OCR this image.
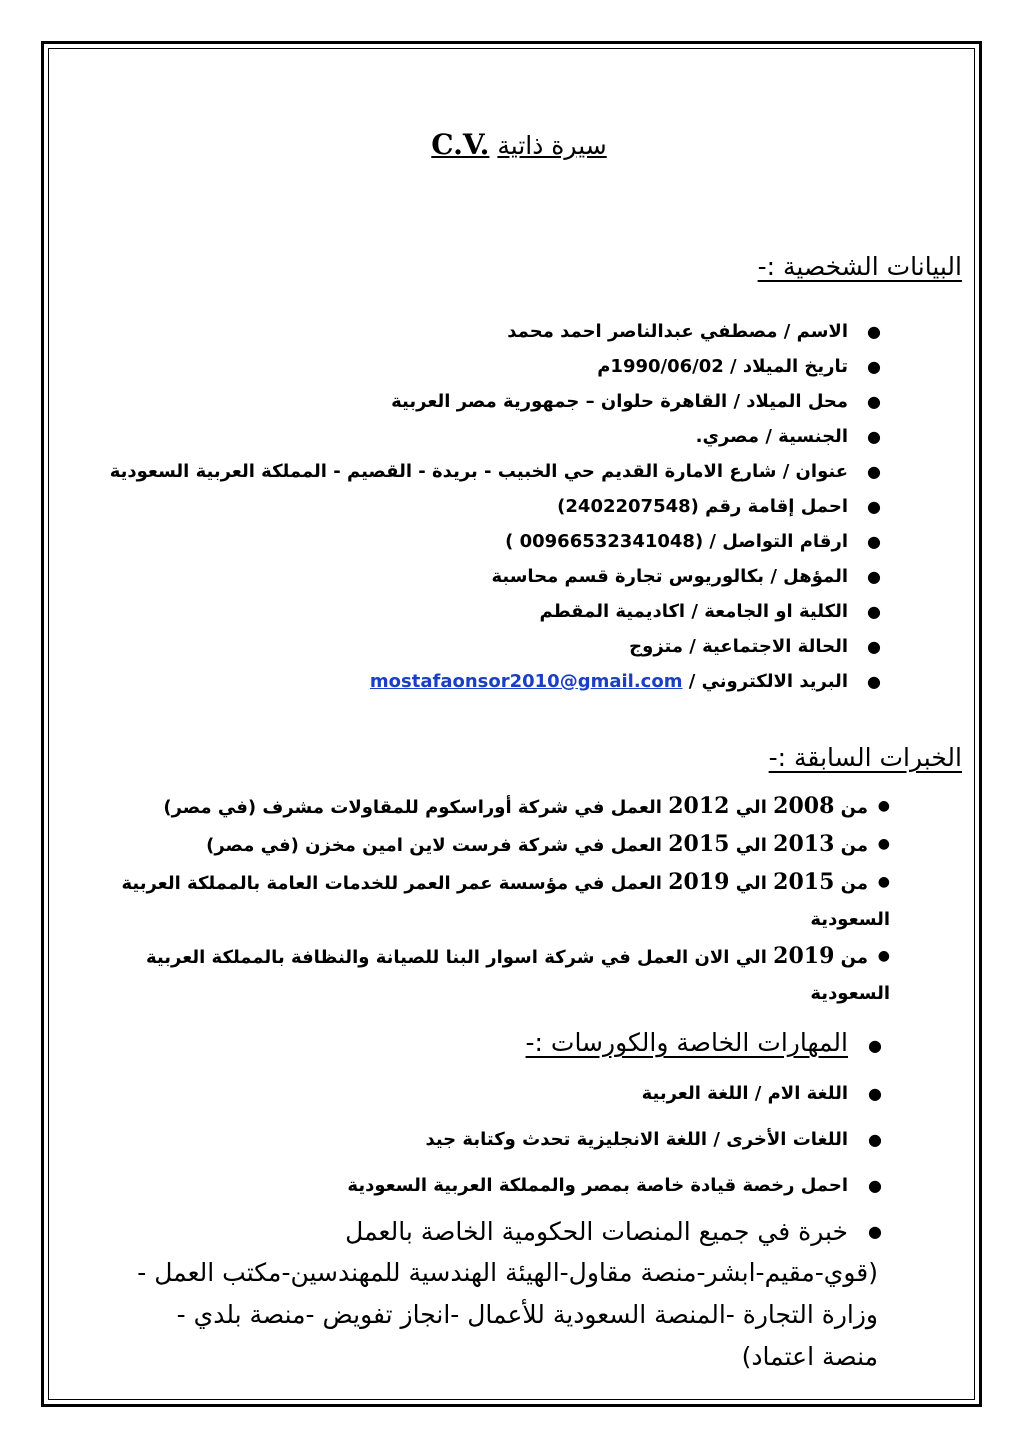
C.V. سيرة ذاتية
البيانات الشخصية :-
●
الاسم / مصطفي عبدالناصر احمد محمد
●
تاريخ الميلاد / 1990/06/02م
●
محل الميلاد / القاهرة حلوان – جمهورية مصر العربية
●
الجنسية / مصري.
●
عنوان / شارع الامارة القديم حي الخبيب - بريدة - القصيم - المملكة العربية السعودية
●
احمل إقامة رقم (2402207548)
●
ارقام التواصل / (00966532341048 )
●
المؤهل / بكالوريوس تجارة قسم محاسبة
●
الكلية او الجامعة / اكاديمية المقطم
●
الحالة الاجتماعية / متزوج
●
البريد الالكتروني / mostafaonsor2010@gmail.com
الخبرات السابقة :-
●
من 2008 الي 2012 العمل في شركة أوراسكوم للمقاولات مشرف (في مصر)
●
من 2013 الي 2015 العمل في شركة فرست لاين امين مخزن (في مصر)
●
من 2015 الي 2019 العمل في مؤسسة عمر العمر للخدمات العامة بالمملكة العربية
السعودية
●
من 2019 الي الان العمل في شركة اسوار البنا للصيانة والنظافة بالمملكة العربية
السعودية
●
المهارات الخاصة والكورسات :-
●
اللغة الام / اللغة العربية
●
اللغات الأخرى / اللغة الانجليزية تحدث وكتابة جيد
●
احمل رخصة قيادة خاصة بمصر والمملكة العربية السعودية
●
خبرة في جميع المنصات الحكومية الخاصة بالعمل
(قوي-مقيم-ابشر-منصة مقاول-الهيئة الهندسية للمهندسين-مكتب العمل -
وزارة التجارة -المنصة السعودية للأعمال -انجاز تفويض -منصة بلدي -
منصة اعتماد)
